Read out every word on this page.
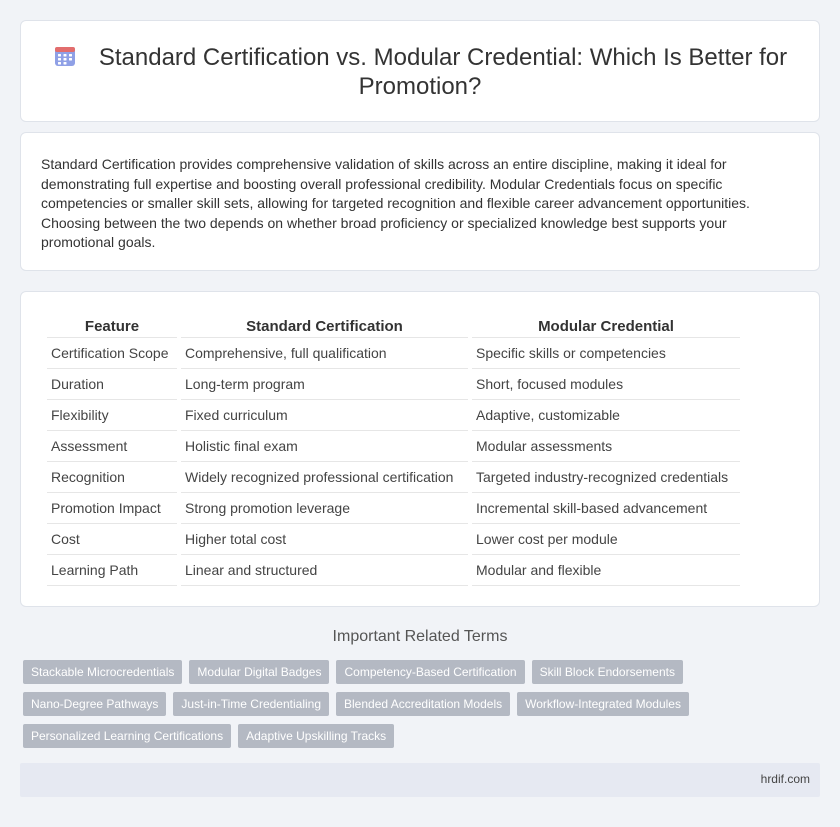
Standard Certification vs. Modular Credential: Which Is Better for Promotion?

Standard Certification provides comprehensive validation of skills across an entire discipline, making it ideal for demonstrating full expertise and boosting overall professional credibility. Modular Credentials focus on specific competencies or smaller skill sets, allowing for targeted recognition and flexible career advancement opportunities. Choosing between the two depends on whether broad proficiency or specialized knowledge best supports your promotional goals.

Feature	Standard Certification	Modular Credential
Certification Scope	Comprehensive, full qualification	Specific skills or competencies
Duration	Long-term program	Short, focused modules
Flexibility	Fixed curriculum	Adaptive, customizable
Assessment	Holistic final exam	Modular assessments
Recognition	Widely recognized professional certification	Targeted industry-recognized credentials
Promotion Impact	Strong promotion leverage	Incremental skill-based advancement
Cost	Higher total cost	Lower cost per module
Learning Path	Linear and structured	Modular and flexible
Important Related Terms
Stackable Microcredentials	Modular Digital Badges	Competency-Based Certification	Skill Block Endorsements
Nano-Degree Pathways	Just-in-Time Credentialing	Blended Accreditation Models	Workflow-Integrated Modules
Personalized Learning Certifications	Adaptive Upskilling Tracks
hrdif.com
